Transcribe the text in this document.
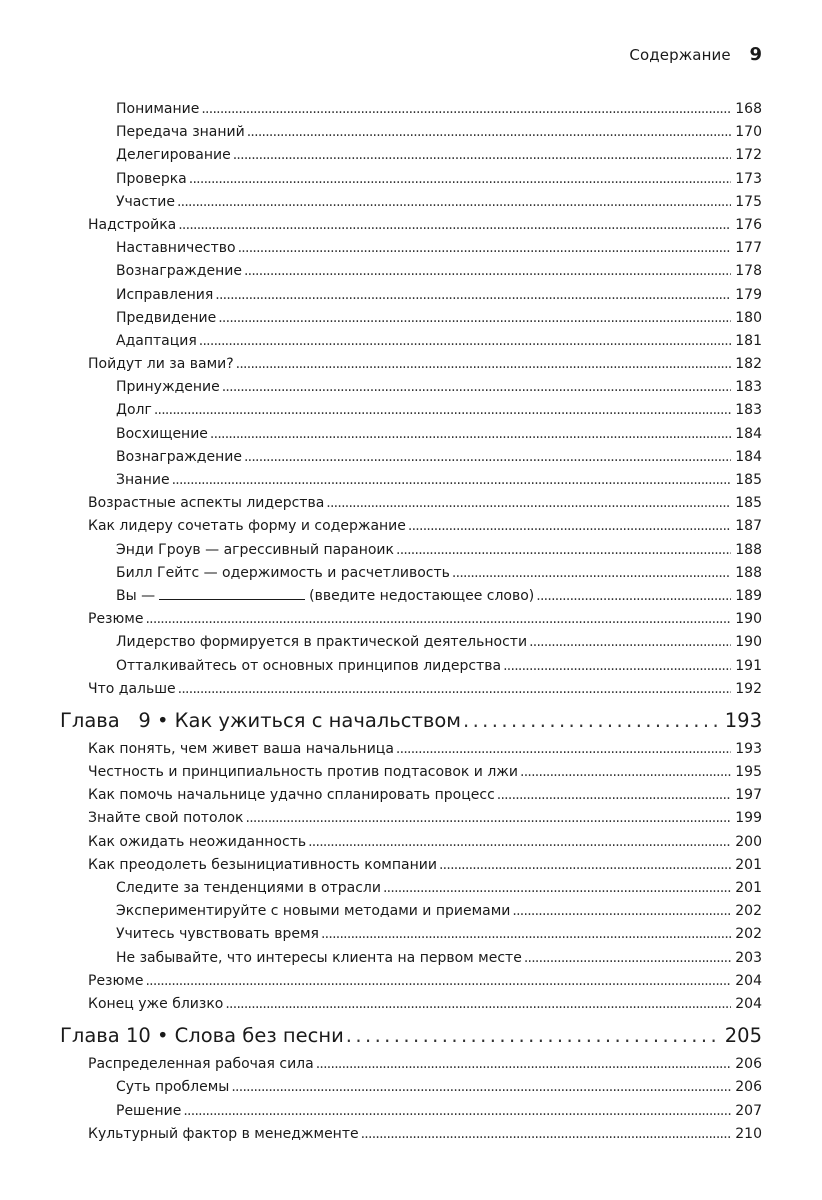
Содержание 9
Понимание . . .	168
Передача знаний . . .	170
Делегирование . . .	172
Проверка . . .	173
Участие . . .	175
Надстройка . . .	176
Наставничество . . .	177
Вознаграждение . . .	178
Исправления . . .	179
Предвидение . . .	180
Адаптация . . .	181
Пойдут ли за вами? . . .	182
Принуждение . . .	183
Долг . . .	183
Восхищение . . .	184
Вознаграждение . . .	184
Знание . . .	185
Возрастные аспекты лидерства . . .	185
Как лидеру сочетать форму и содержание . . .	187
Энди Гроув — агрессивный параноик . . .	188
Билл Гейтс — одержимость и расчетливость . . .	188
Вы —	(введите недостающее слово) . . .	189
Резюме . . .	190
Лидерство формируется в практической деятельности . . .	190
Отталкивайтесь от основных принципов лидерства . . .	191
Что дальше . . .	192
Глава   9 • Как ужиться с начальством . . .	193
Как понять, чем живет ваша начальница . . .	193
Честность и принципиальность против подтасовок и лжи . . .	195
Как помочь начальнице удачно спланировать процесс . . .	197
Знайте свой потолок . . .	199
Как ожидать неожиданность . . .	200
Как преодолеть безынициативность компании . . .	201
Следите за тенденциями в отрасли . . .	201
Экспериментируйте с новыми методами и приемами . . .	202
Учитесь чувствовать время . . .	202
Не забывайте, что интересы клиента на первом месте . . .	203
Резюме . . .	204
Конец уже близко . . .	204
Глава 10 • Слова без песни . . .	205
Распределенная рабочая сила . . .	206
Суть проблемы . . .	206
Решение . . .	207
Культурный фактор в менеджменте . . .	210
